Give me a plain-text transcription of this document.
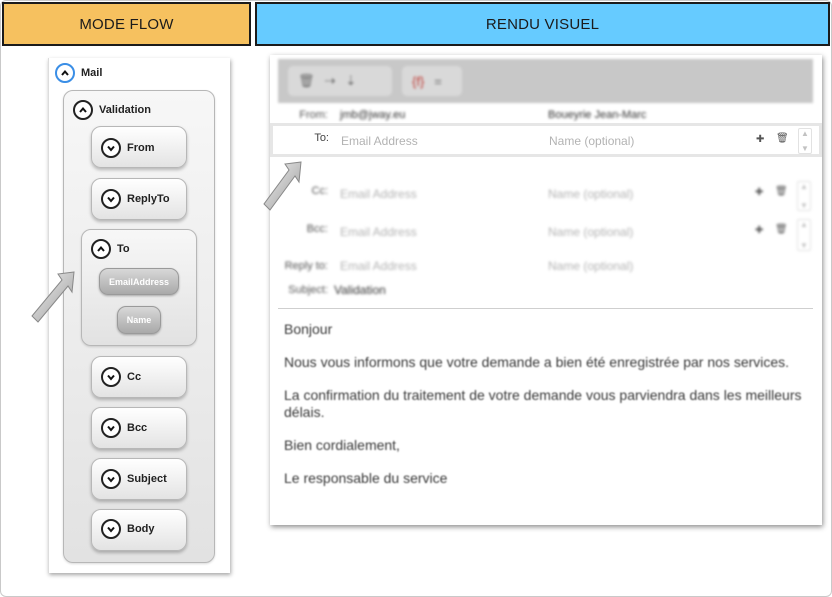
MODE FLOW	RENDU VISUEL
Mail
Validation
From
ReplyTo
To
EmailAddress
Name
Cc
Bcc
Subject
Body
🗑 ⇢ ⇣	{f} =
From: jmb@jway.eu	Boueyrie Jean-Marc
To: Email Address	Name (optional)	✚ 🗑 ▲
▼
Cc: Email Address	Name (optional)	✚ 🗑 ▲
▼
Bcc: Email Address	Name (optional)	✚ 🗑 ▲
▼
Reply to: Email Address	Name (optional)
Subject: Validation

Bonjour

Nous vous informons que votre demande a bien été enregistrée par nos services.

La confirmation du traitement de votre demande vous parviendra dans les meilleurs délais.

Bien cordialement,

Le responsable du service
